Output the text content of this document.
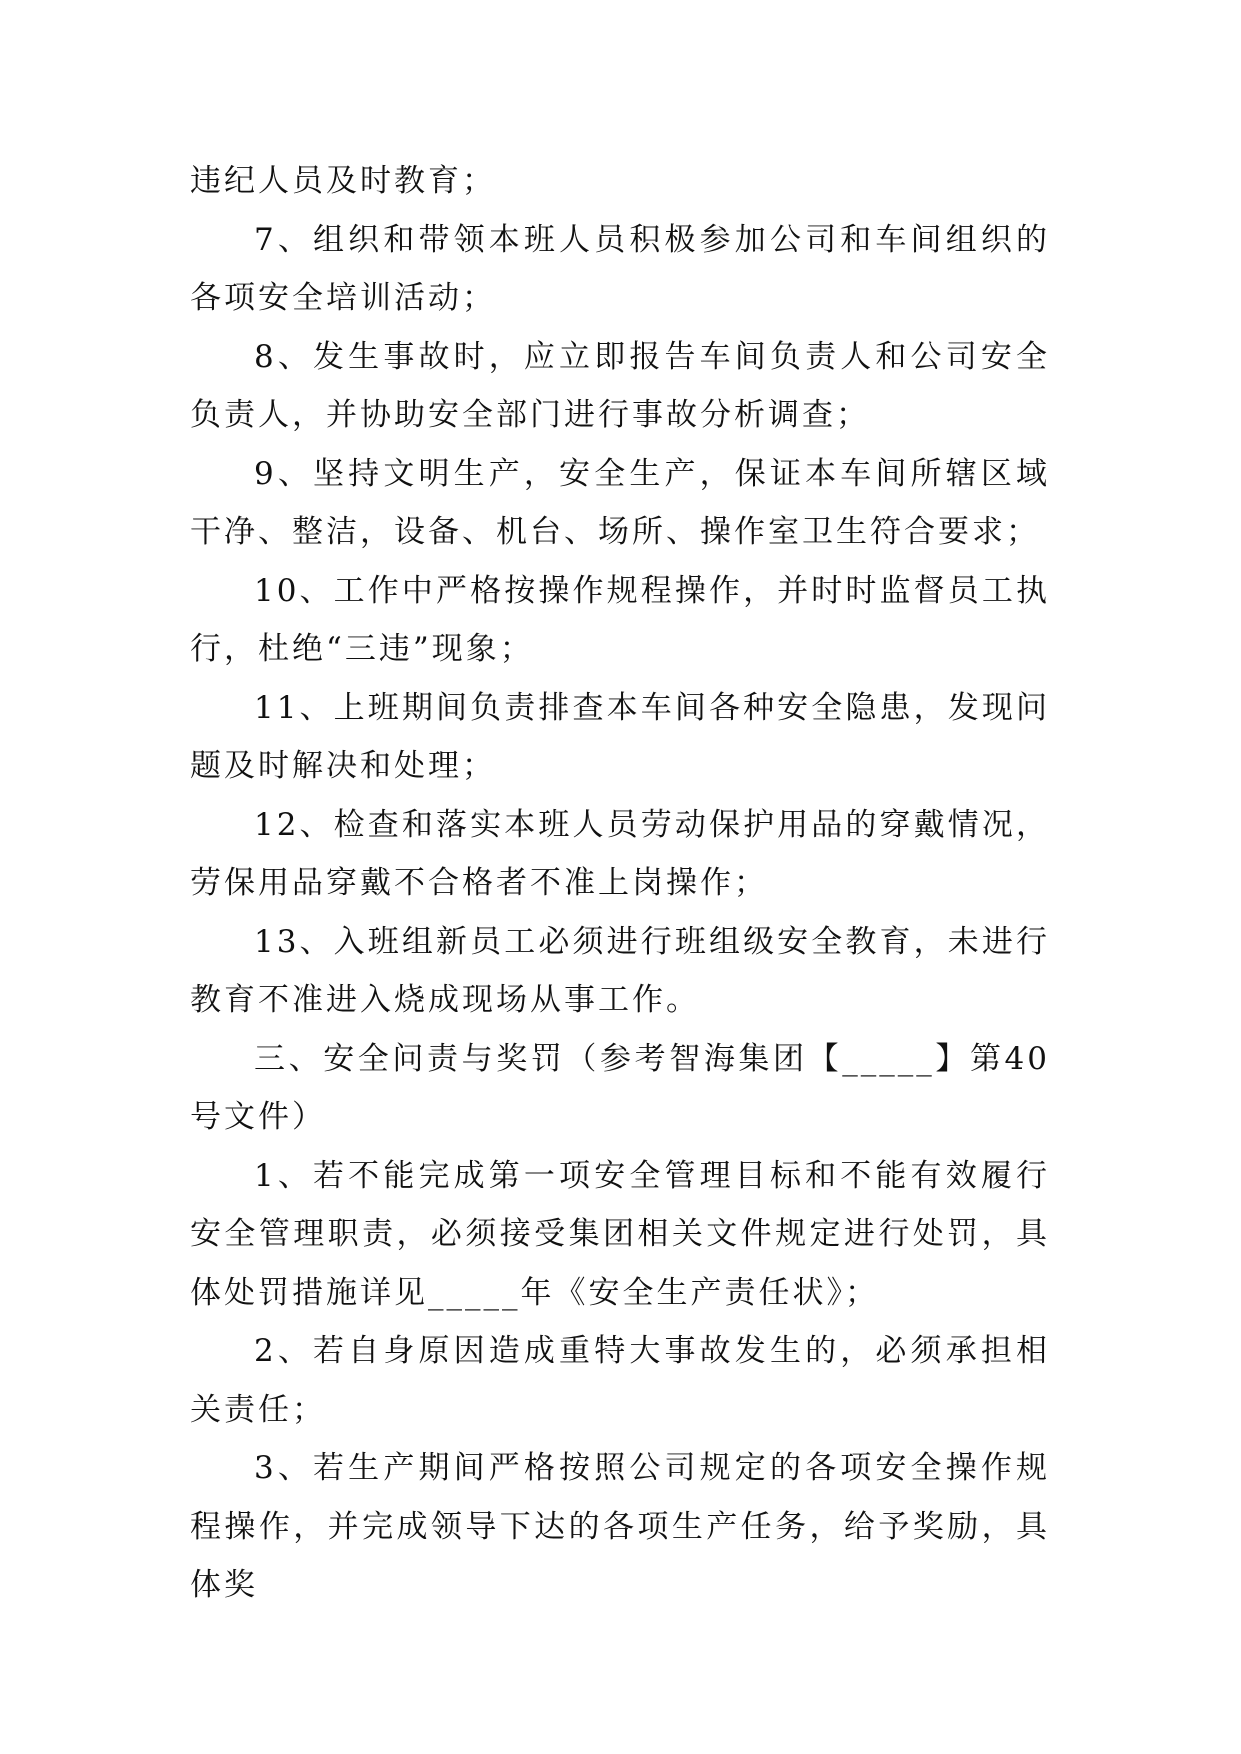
违纪人员及时教育；

7、组织和带领本班人员积极参加公司和车间组织的各项安全培训活动；

8、发生事故时，应立即报告车间负责人和公司安全负责人，并协助安全部门进行事故分析调查；

9、坚持文明生产，安全生产，保证本车间所辖区域干净、整洁，设备、机台、场所、操作室卫生符合要求；

10、工作中严格按操作规程操作，并时时监督员工执行，杜绝“三违”现象；

11、上班期间负责排查本车间各种安全隐患，发现问题及时解决和处理；

12、检查和落实本班人员劳动保护用品的穿戴情况，劳保用品穿戴不合格者不准上岗操作；

13、入班组新员工必须进行班组级安全教育，未进行教育不准进入烧成现场从事工作。

三、安全问责与奖罚（参考智海集团【_____】第40号文件）

1、若不能完成第一项安全管理目标和不能有效履行安全管理职责，必须接受集团相关文件规定进行处罚，具体处罚措施详见_____年《安全生产责任状》；

2、若自身原因造成重特大事故发生的，必须承担相关责任；

3、若生产期间严格按照公司规定的各项安全操作规程操作，并完成领导下达的各项生产任务，给予奖励，具体奖
